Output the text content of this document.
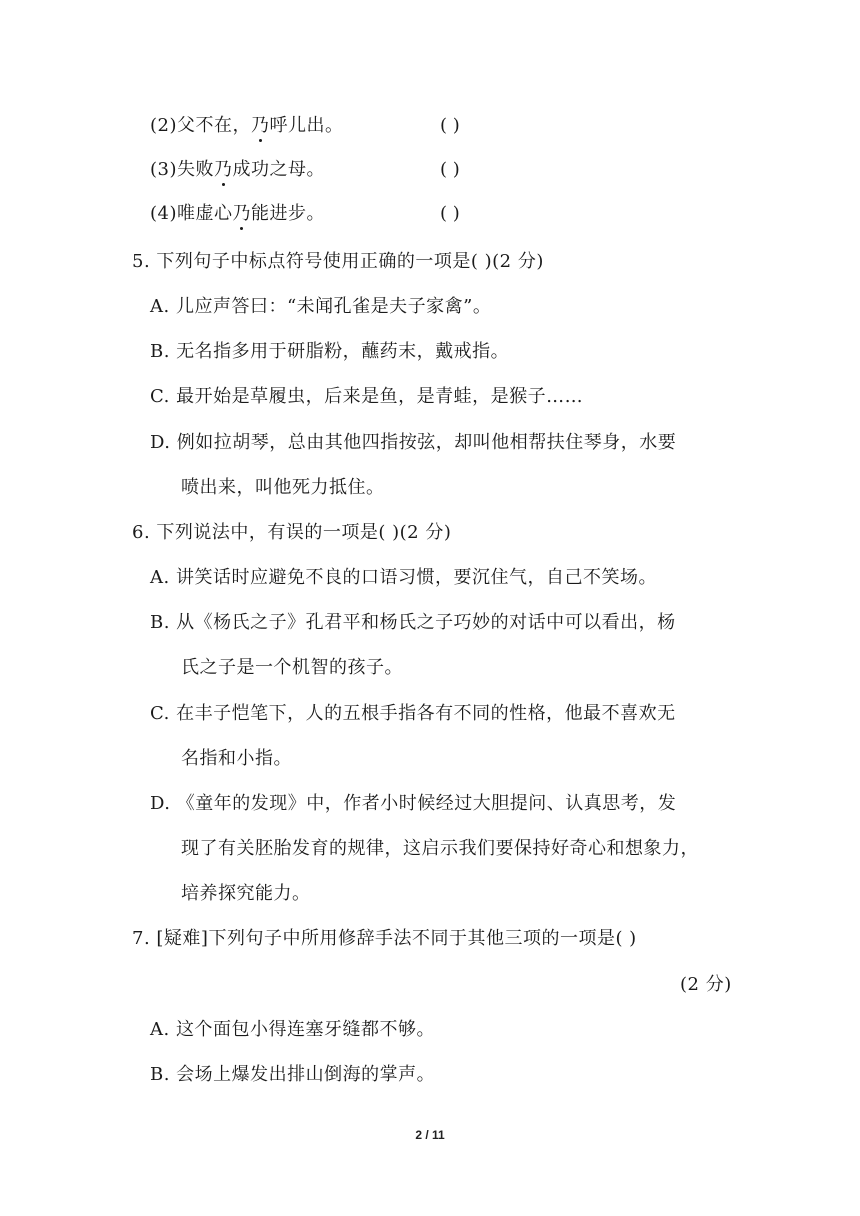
(2)父不在，乃呼儿出。	( )
(3)失败乃成功之母。	( )
(4)唯虚心乃能进步。	( )
5. 下列句子中标点符号使用正确的一项是( )(2 分)
A. 儿应声答曰：“未闻孔雀是夫子家禽”。
B. 无名指多用于研脂粉，蘸药末，戴戒指。
C. 最开始是草履虫，后来是鱼，是青蛙，是猴子……
D. 例如拉胡琴，总由其他四指按弦，却叫他相帮扶住琴身，水要
喷出来，叫他死力抵住。
6. 下列说法中，有误的一项是( )(2 分)
A. 讲笑话时应避免不良的口语习惯，要沉住气，自己不笑场。
B. 从《杨氏之子》孔君平和杨氏之子巧妙的对话中可以看出，杨
氏之子是一个机智的孩子。
C. 在丰子恺笔下，人的五根手指各有不同的性格，他最不喜欢无
名指和小指。
D. 《童年的发现》中，作者小时候经过大胆提问、认真思考，发
现了有关胚胎发育的规律，这启示我们要保持好奇心和想象力，
培养探究能力。
7. [疑难]下列句子中所用修辞手法不同于其他三项的一项是( )
(2 分)
A. 这个面包小得连塞牙缝都不够。
B. 会场上爆发出排山倒海的掌声。
2 / 11
